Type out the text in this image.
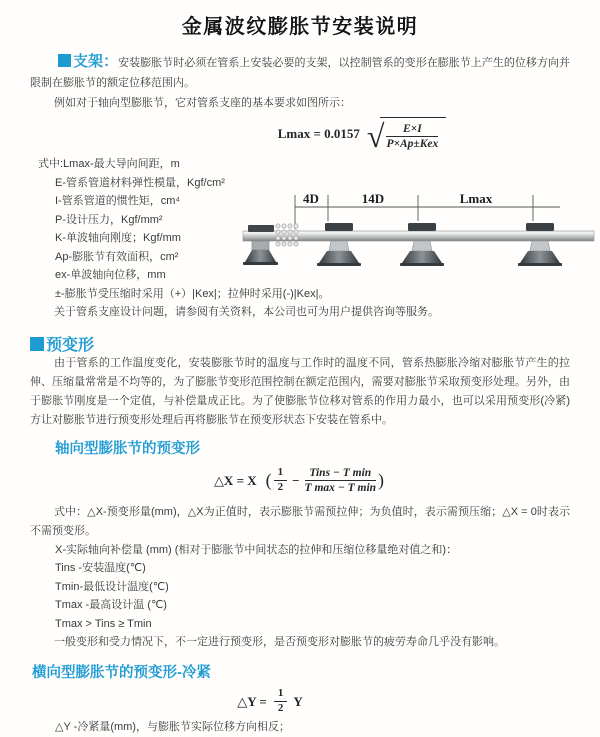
金属波纹膨胀节安装说明

支架：安装膨胀节时必须在管系上安装必要的支架，以控制管系的变形在膨胀节上产生的位移方向并限制在膨胀节的额定位移范围内。

例如对于轴向型膨胀节，它对管系支座的基本要求如图所示：

Lmax = 0.0157 √ $\frac{E\times I}{\text{P×Ap±Kex}}$
式中:Lmax-最大导向间距，m
E-管系管道材料弹性模量，Kgf/cm²
I-管系管道的惯性矩，cm⁴
P-设计压力，Kgf/mm²
K-单波轴向刚度；Kgf/mm
Ap-膨胀节有效面积，cm²
ex-单波轴向位移，mm
±-膨胀节受压缩时采用（+）|Kex|；拉伸时采用(-)|Kex|。
关于管系支座设计问题，请参阅有关资料，本公司也可为用户提供咨询等服务。
4D	14D	Lmax
预变形

由于管系的工作温度变化，安装膨胀节时的温度与工作时的温度不同，管系热膨胀冷缩对膨胀节产生的拉伸、压缩量常常是不均等的，为了膨胀节变形范围控制在额定范围内，需要对膨胀节采取预变形处理。另外，由于膨胀节刚度是一个定值，与补偿量成正比。为了使膨胀节位移对管系的作用力最小，也可以采用预变形(冷紧)方让对膨胀节进行预变形处理后再将膨胀节在预变形状态下安装在管系中。

轴向型膨胀节的预变形
△X = X ( $\frac{1}{2} - \frac{\text{Tins − T min}}{\text{T max − T min}}$ )

式中：△X-预变形量(mm)，△X为正值时，表示膨胀节需预拉伸；为负值时，表示需预压缩；△X = 0时表示不需预变形。

X-实际轴向补偿量 (mm) (相对于膨胀节中间状态的拉伸和压缩位移量绝对值之和)：
Tins -安装温度(℃)
Tmin-最低设计温度(℃)
Tmax -最高设计温 (℃)
Tmax > Tins ≥ Tmin

一般变形和受力情况下，不一定进行预变形，是否预变形对膨胀节的疲劳寿命几乎没有影响。

横向型膨胀节的预变形-冷紧
△Y = $\frac{1}{2}$ Y
△Y -冷紧量(mm)，与膨胀节实际位移方向相反；
